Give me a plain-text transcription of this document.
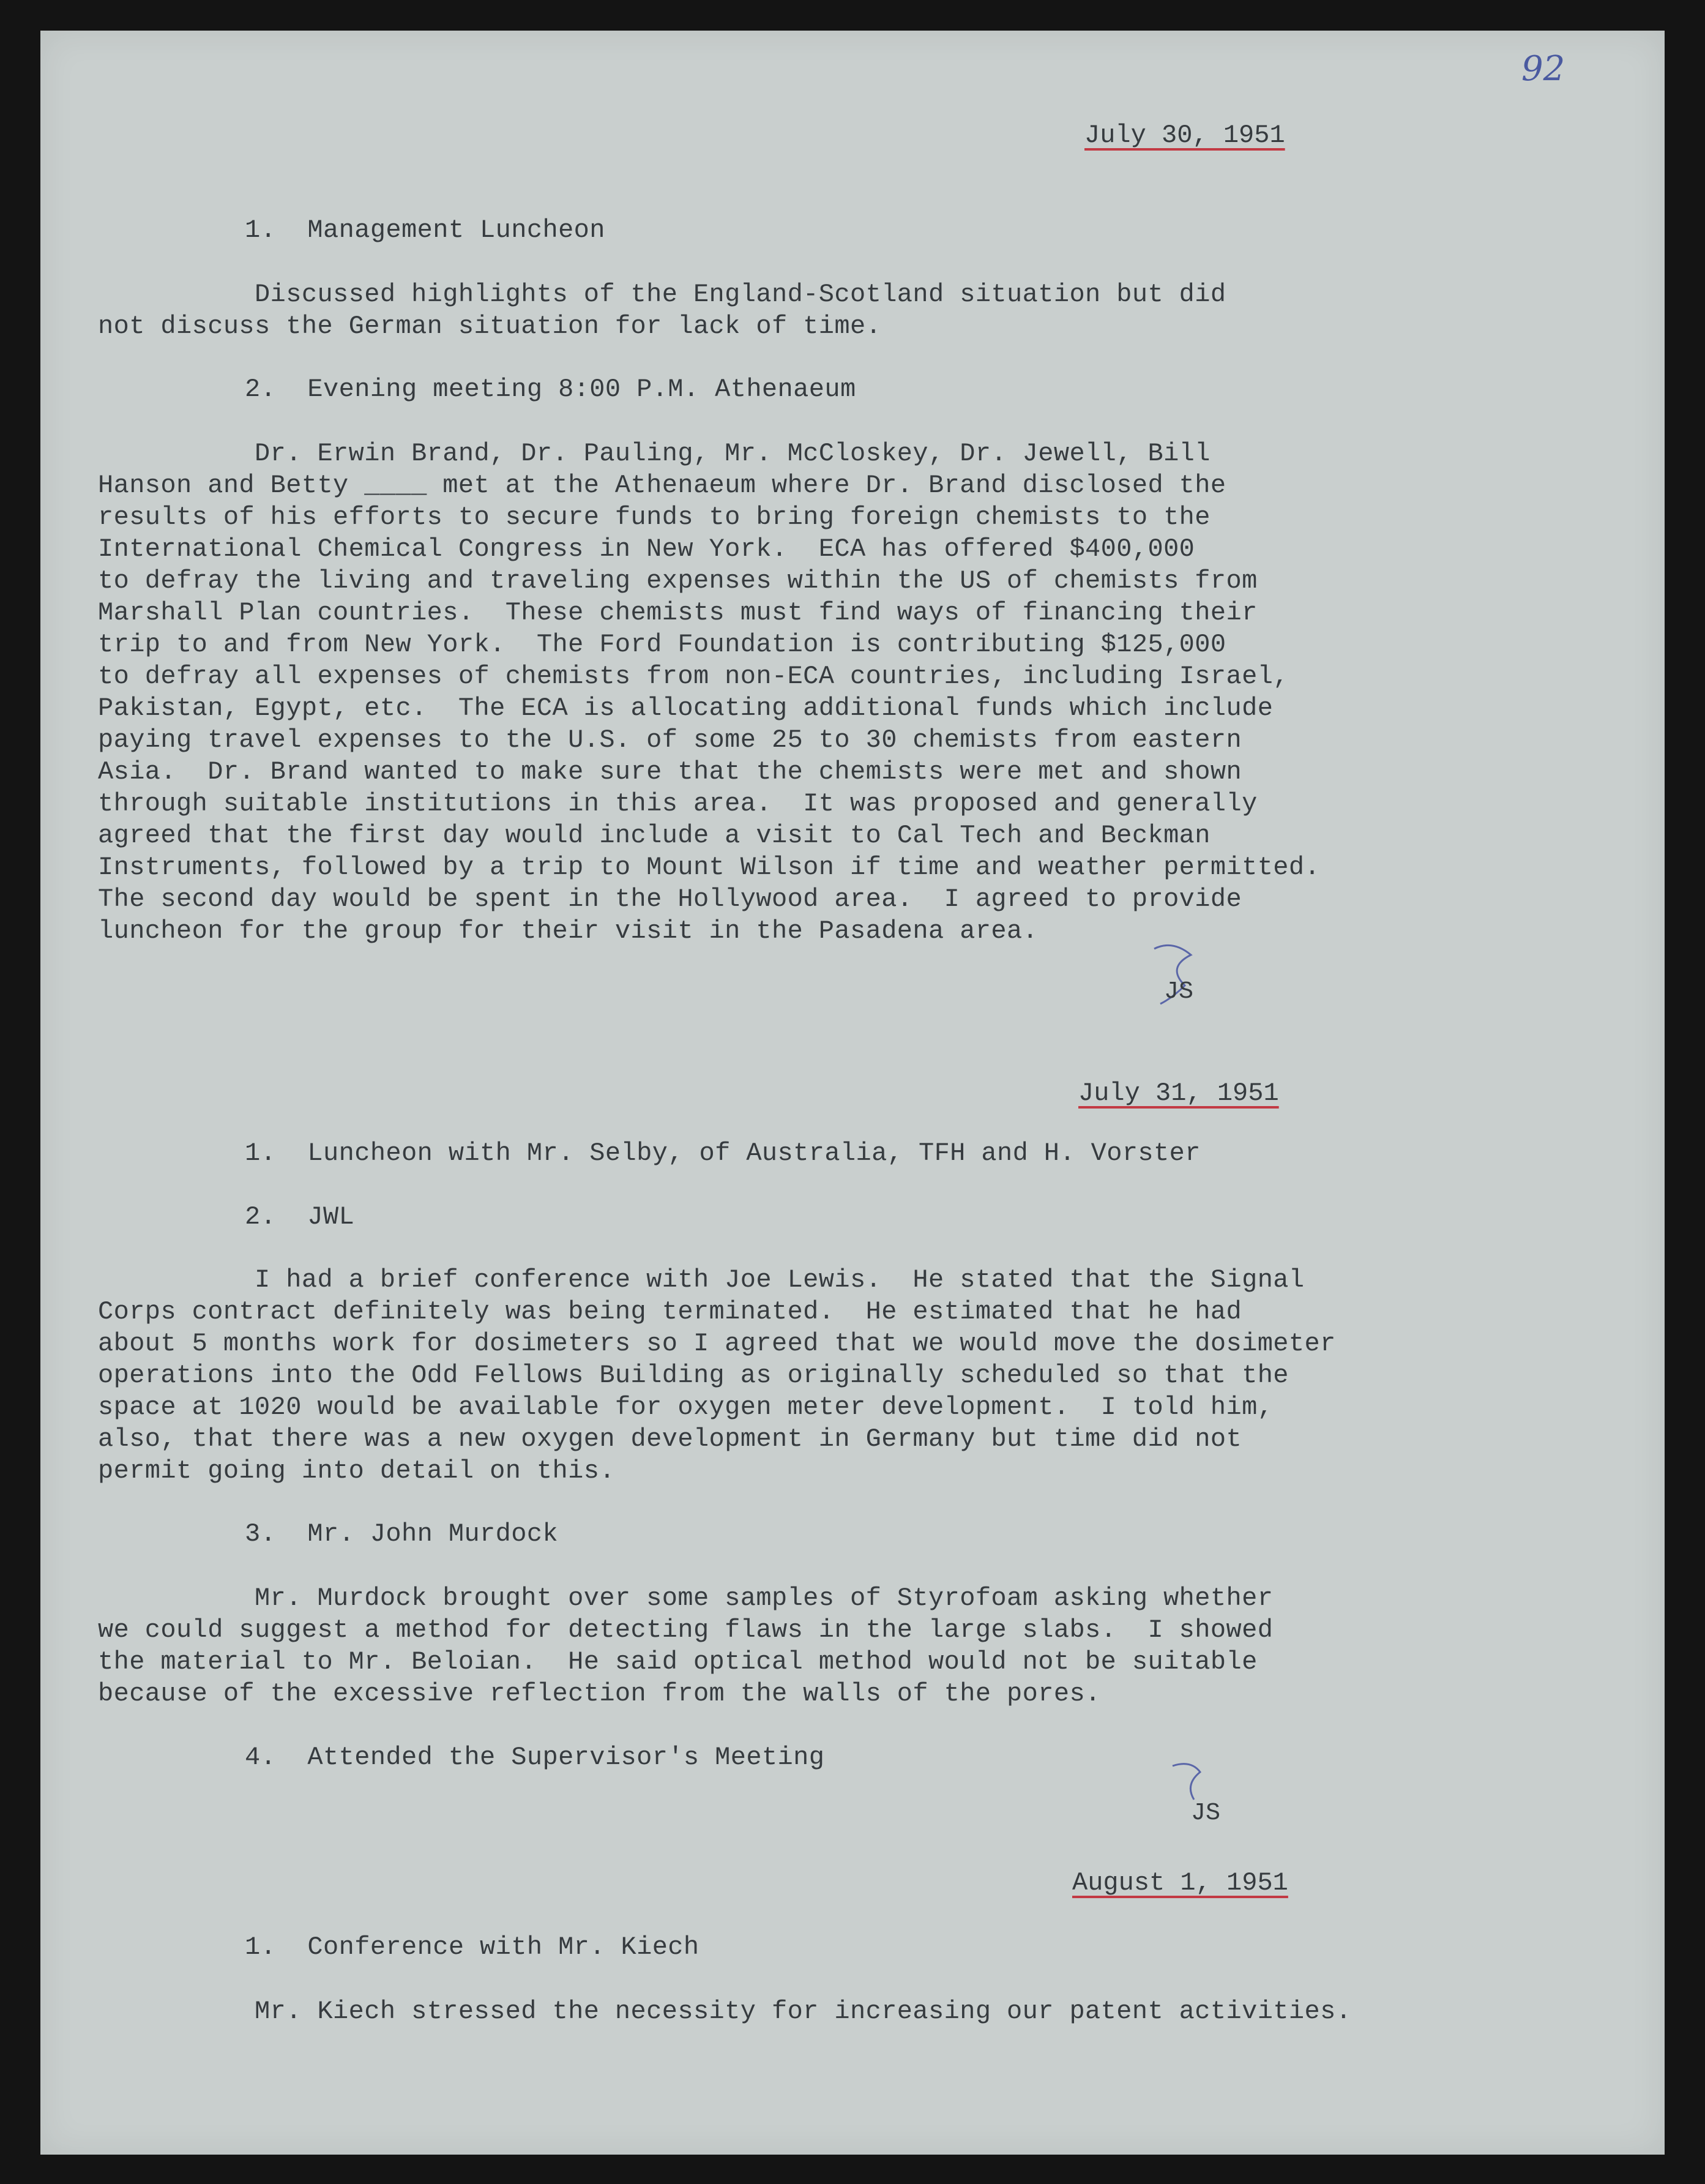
92
July 30, 1951
1.  Management Luncheon
Discussed highlights of the England-Scotland situation but did
not discuss the German situation for lack of time.
2.  Evening meeting 8:00 P.M. Athenaeum
Dr. Erwin Brand, Dr. Pauling, Mr. McCloskey, Dr. Jewell, Bill
Hanson and Betty ____ met at the Athenaeum where Dr. Brand disclosed the
results of his efforts to secure funds to bring foreign chemists to the
International Chemical Congress in New York.  ECA has offered $400,000
to defray the living and traveling expenses within the US of chemists from
Marshall Plan countries.  These chemists must find ways of financing their
trip to and from New York.  The Ford Foundation is contributing $125,000
to defray all expenses of chemists from non-ECA countries, including Israel,
Pakistan, Egypt, etc.  The ECA is allocating additional funds which include
paying travel expenses to the U.S. of some 25 to 30 chemists from eastern
Asia.  Dr. Brand wanted to make sure that the chemists were met and shown
through suitable institutions in this area.  It was proposed and generally
agreed that the first day would include a visit to Cal Tech and Beckman
Instruments, followed by a trip to Mount Wilson if time and weather permitted.
The second day would be spent in the Hollywood area.  I agreed to provide
luncheon for the group for their visit in the Pasadena area.
JS
July 31, 1951
1.  Luncheon with Mr. Selby, of Australia, TFH and H. Vorster
2.  JWL
I had a brief conference with Joe Lewis.  He stated that the Signal
Corps contract definitely was being terminated.  He estimated that he had
about 5 months work for dosimeters so I agreed that we would move the dosimeter
operations into the Odd Fellows Building as originally scheduled so that the
space at 1020 would be available for oxygen meter development.  I told him,
also, that there was a new oxygen development in Germany but time did not
permit going into detail on this.
3.  Mr. John Murdock
Mr. Murdock brought over some samples of Styrofoam asking whether
we could suggest a method for detecting flaws in the large slabs.  I showed
the material to Mr. Beloian.  He said optical method would not be suitable
because of the excessive reflection from the walls of the pores.
4.  Attended the Supervisor's Meeting
JS
August 1, 1951
1.  Conference with Mr. Kiech
Mr. Kiech stressed the necessity for increasing our patent activities.
